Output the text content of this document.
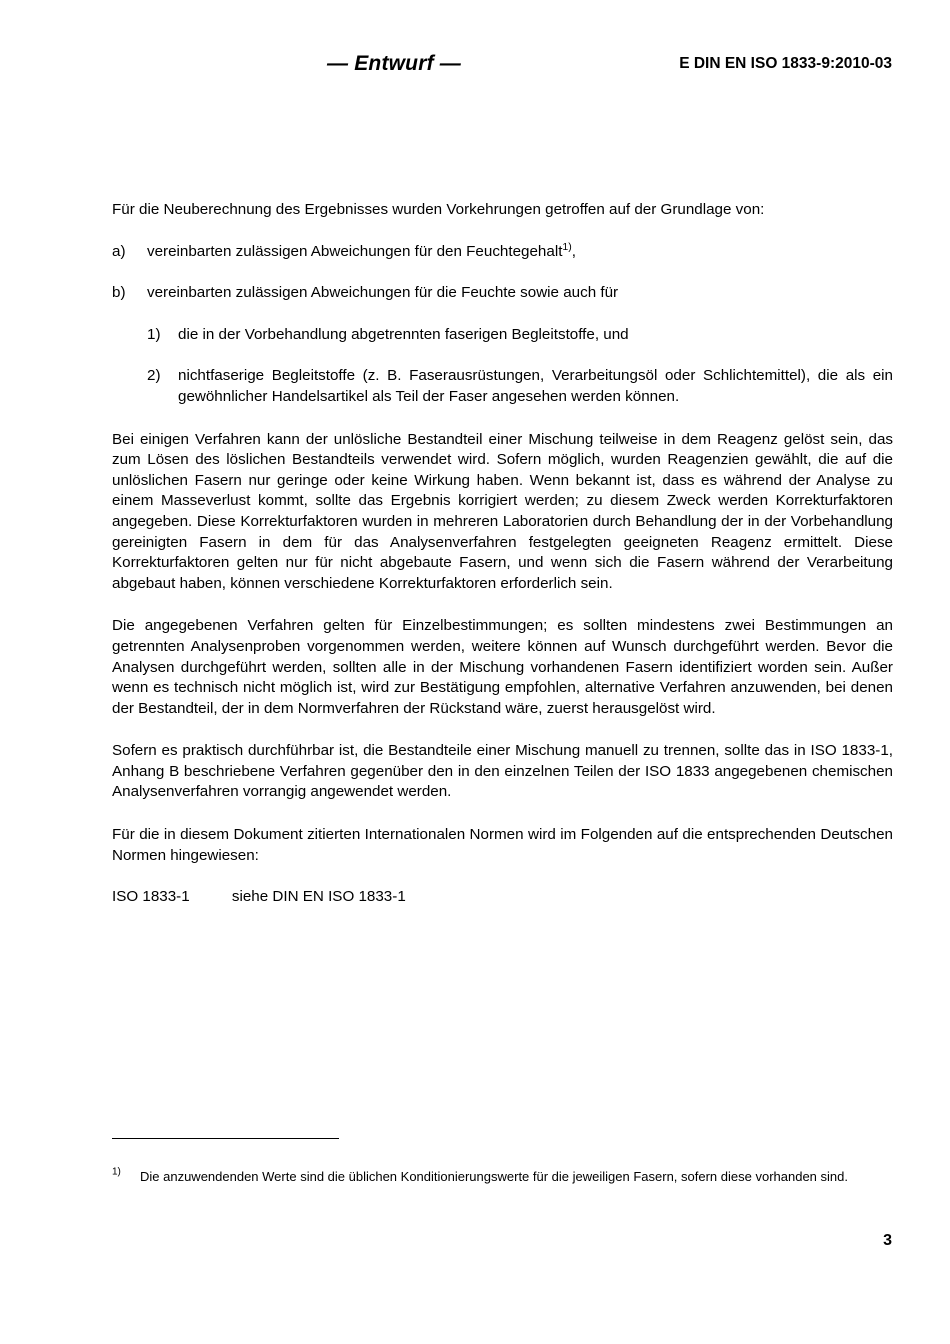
— Entwurf —	E DIN EN ISO 1833-9:2010-03

Für die Neuberechnung des Ergebnisses wurden Vorkehrungen getroffen auf der Grundlage von:

a) vereinbarten zulässigen Abweichungen für den Feuchtegehalt$^{1)}$,
b) vereinbarten zulässigen Abweichungen für die Feuchte sowie auch für
1) die in der Vorbehandlung abgetrennten faserigen Begleitstoffe, und
2) nichtfaserige Begleitstoffe (z. B. Faserausrüstungen, Verarbeitungsöl oder Schlichtemittel), die als ein gewöhnlicher Handelsartikel als Teil der Faser angesehen werden können.

Bei einigen Verfahren kann der unlösliche Bestandteil einer Mischung teilweise in dem Reagenz gelöst sein, das zum Lösen des löslichen Bestandteils verwendet wird. Sofern möglich, wurden Reagenzien gewählt, die auf die unlöslichen Fasern nur geringe oder keine Wirkung haben. Wenn bekannt ist, dass es während der Analyse zu einem Masseverlust kommt, sollte das Ergebnis korrigiert werden; zu diesem Zweck werden Korrekturfaktoren angegeben. Diese Korrekturfaktoren wurden in mehreren Laboratorien durch Behandlung der in der Vorbehandlung gereinigten Fasern in dem für das Analysenverfahren festgelegten geeigneten Reagenz ermittelt. Diese Korrekturfaktoren gelten nur für nicht abgebaute Fasern, und wenn sich die Fasern während der Verarbeitung abgebaut haben, können verschiedene Korrekturfaktoren erforderlich sein.

Die angegebenen Verfahren gelten für Einzelbestimmungen; es sollten mindestens zwei Bestimmungen an getrennten Analysenproben vorgenommen werden, weitere können auf Wunsch durchgeführt werden. Bevor die Analysen durchgeführt werden, sollten alle in der Mischung vorhandenen Fasern identifiziert worden sein. Außer wenn es technisch nicht möglich ist, wird zur Bestätigung empfohlen, alternative Verfahren anzuwenden, bei denen der Bestandteil, der in dem Normverfahren der Rückstand wäre, zuerst herausgelöst wird.

Sofern es praktisch durchführbar ist, die Bestandteile einer Mischung manuell zu trennen, sollte das in ISO 1833-1, Anhang B beschriebene Verfahren gegenüber den in den einzelnen Teilen der ISO 1833 angegebenen chemischen Analysenverfahren vorrangig angewendet werden.

Für die in diesem Dokument zitierten Internationalen Normen wird im Folgenden auf die entsprechenden Deutschen Normen hingewiesen:

ISO 1833-1          siehe DIN EN ISO 1833-1
$^{1)}$ Die anzuwendenden Werte sind die üblichen Konditionierungswerte für die jeweiligen Fasern, sofern diese vorhanden sind.
3
